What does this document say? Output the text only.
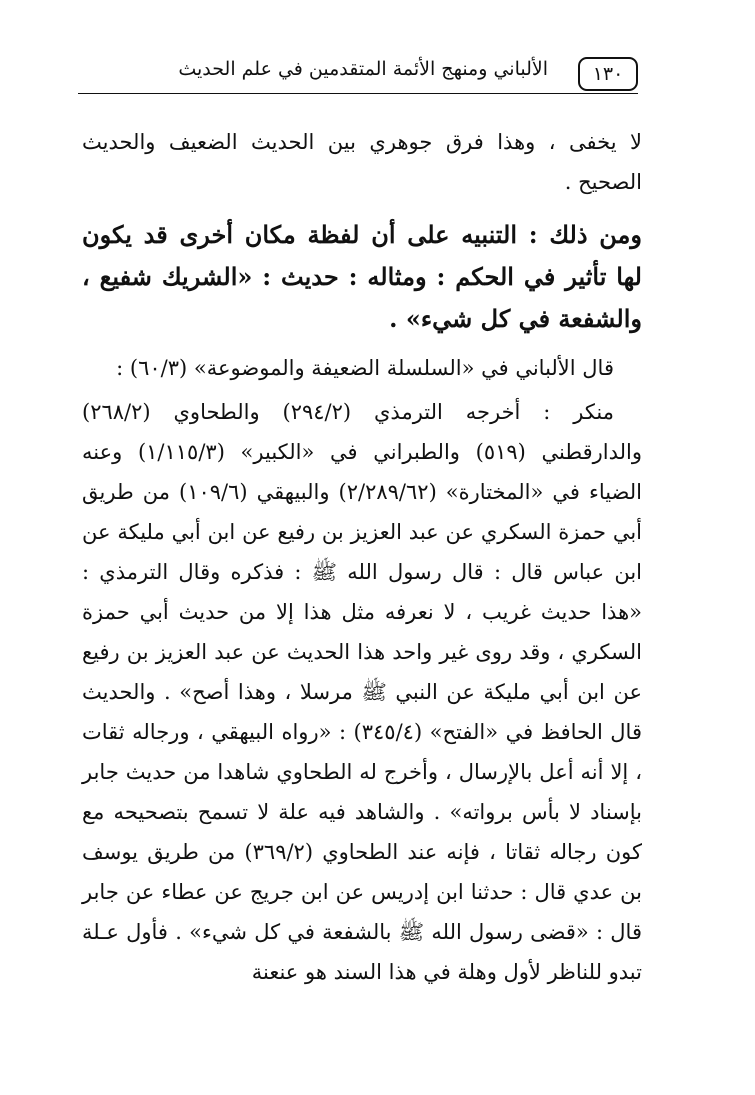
١٣٠
الألباني ومنهج الأئمة المتقدمين في علم الحديث

لا يخفى ، وهذا فرق جوهري بين الحديث الضعيف والحديث الصحيح .

ومن ذلك : التنبيه على أن لفظة مكان أخرى قد يكون لها تأثير في الحكم : ومثاله : حديث : «الشريك شفيع ، والشفعة في كل شيء» .

قال الألباني في «السلسلة الضعيفة والموضوعة» (٦٠/٣) :

منكر : أخرجه الترمذي (٢٩٤/٢) والطحاوي (٢٦٨/٢) والدارقطني (٥١٩) والطبراني في «الكبير» (١/١١٥/٣) وعنه الضياء في «المختارة» (٢/٢٨٩/٦٢) والبيهقي (١٠٩/٦) من طريق أبي حمزة السكري عن عبد العزيز بن رفيع عن ابن أبي مليكة عن ابن عباس قال : قال رسول الله ﷺ : فذكره وقال الترمذي : «هذا حديث غريب ، لا نعرفه مثل هذا إلا من حديث أبي حمزة السكري ، وقد روى غير واحد هذا الحديث عن عبد العزيز بن رفيع عن ابن أبي مليكة عن النبي ﷺ مرسلا ، وهذا أصح» . والحديث قال الحافظ في «الفتح» (٣٤٥/٤) : «رواه البيهقي ، ورجاله ثقات ، إلا أنه أعل بالإرسال ، وأخرج له الطحاوي شاهدا من حديث جابر بإسناد لا بأس برواته» . والشاهد فيه علة لا تسمح بتصحيحه مع كون رجاله ثقاتا ، فإنه عند الطحاوي (٣٦٩/٢) من طريق يوسف بن عدي قال : حدثنا ابن إدريس عن ابن جريج عن عطاء عن جابر قال : «قضى رسول الله ﷺ بالشفعة في كل شيء» . فأول عـلة تبدو للناظر لأول وهلة في هذا السند هو عنعنة
